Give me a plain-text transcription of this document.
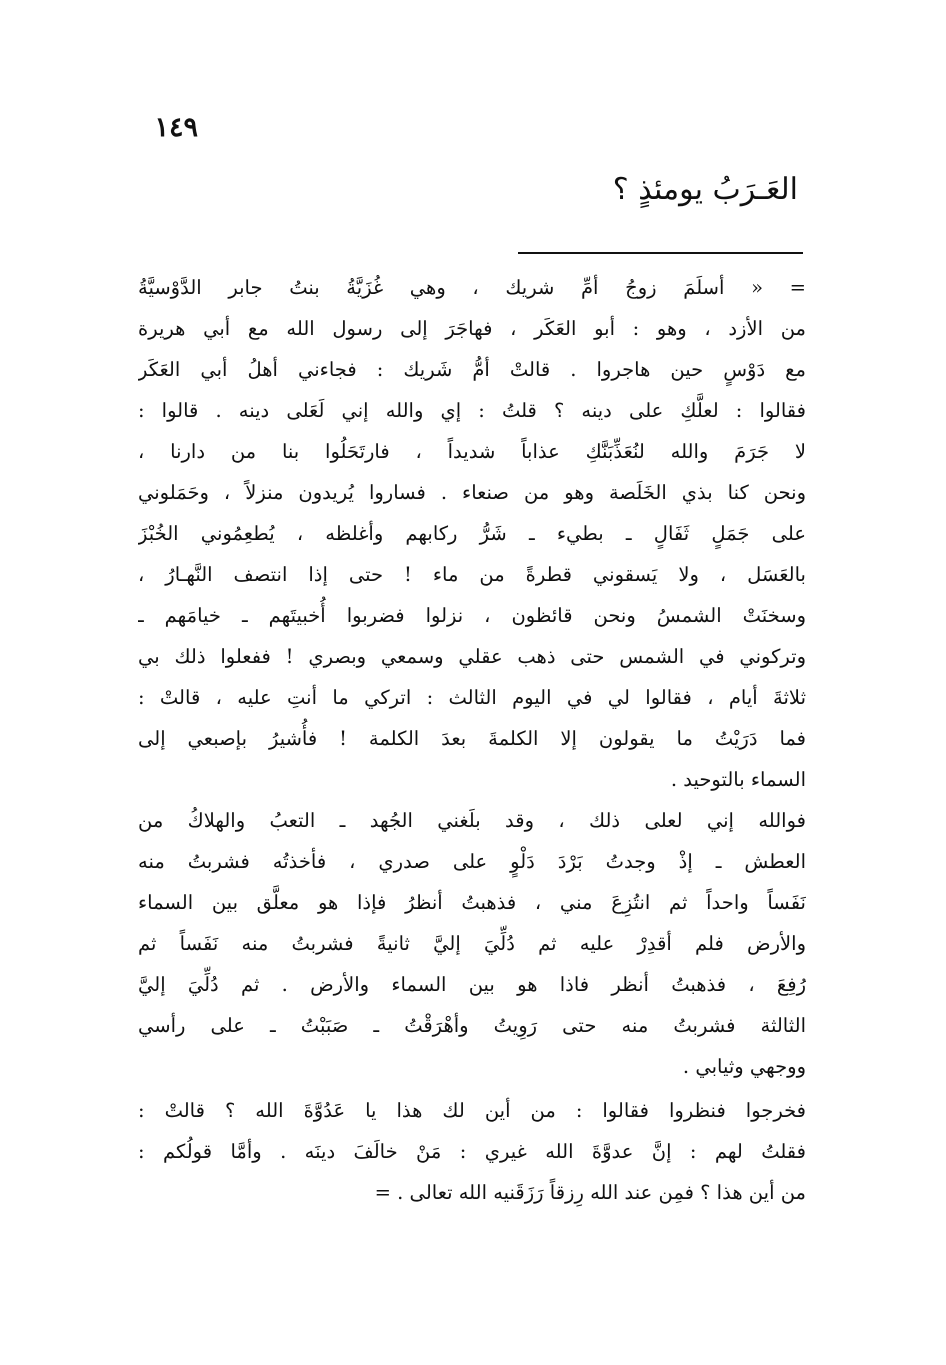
١٤٩
العَـرَبُ يومئذٍ ؟
= « أسلَمَ زوجُ أمِّ شريك ، وهي غُزَيَّةُ بنتُ جابر الدَّوْسيَّةُ
من الأزد ، وهو : أبو العَكَر ، فهاجَرَ إلى رسول الله مع أبي هريرة
مع دَوْسٍ حين هاجروا . قالتْ أمُّ شَريك : فجاءني أهلُ أبي العَكَر
فقالوا : لعلَّكِ على دينه ؟ قلتُ : إي والله إني لَعَلى دينه . قالوا :
لا جَرَمَ والله لنُعَذِّبَنَّكِ عذاباً شديداً ، فارتَحَلُوا بنا من دارنا ،
ونحن كنا بذي الخَلَصة وهو من صنعاء . فساروا يُريدون منزلاً ، وحَمَلوني
على جَمَلٍ ثَفَالٍ ـ بطيء ـ شَرُّ ركابهم وأغلظه ، يُطعِمُوني الخُبْزَ
بالعَسَل ، ولا يَسقوني قطرةً من ماء ! حتى إذا انتصف النَّهـارُ ،
وسخنَتْ الشمسُ ونحن قائظون ، نزلوا فضربوا أُخبيتَهم ـ خيامَهم ـ
وتركوني في الشمس حتى ذهب عقلي وسمعي وبصري ! ففعلوا ذلك بي
ثلاثةَ أيام ، فقالوا لي في اليوم الثالث : اتركي ما أنتِ عليه ، قالتْ :
فما دَرَيْتُ ما يقولون إلا الكلمةَ بعدَ الكلمة ! فأُشيرُ بإصبعي إلى
السماء بالتوحيد .
فوالله إني لعلى ذلك ، وقد بلَغني الجُهد ـ التعبُ والهلاكُ من
العطش ـ إذْ وجدتُ بَرْدَ دَلْوٍ على صدري ، فأخذتُه فشربتُ منه
نَفَساً واحداً ثم انتُزِعَ مني ، فذهبتُ أنظرُ فإذا هو معلَّق بين السماء
والأرض فلم أقدِرْ عليه ثم دُلِّيَ إليَّ ثانيةً فشربتُ منه نَفَساً ثم
رُفِعَ ، فذهبتُ أنظر فاذا هو بين السماء والأرض . ثم دُلِّيَ إليَّ
الثالثة فشربتُ منه حتى رَوِيتُ وأهْرَقْتُ ـ صَبَبْتُ ـ على رأسي
ووجهي وثيابي .
فخرجوا فنظروا فقالوا : من أين لك هذا يا عَدُوَّةَ الله ؟ قالتْ :
فقلتُ لهم : إنَّ عدوَّةَ الله غيري : مَنْ خالَفَ دينَه . وأمَّا قولُكم :
من أين هذا ؟ فمِن عند الله رِزقاً رَزَقَنيه الله تعالى . =
